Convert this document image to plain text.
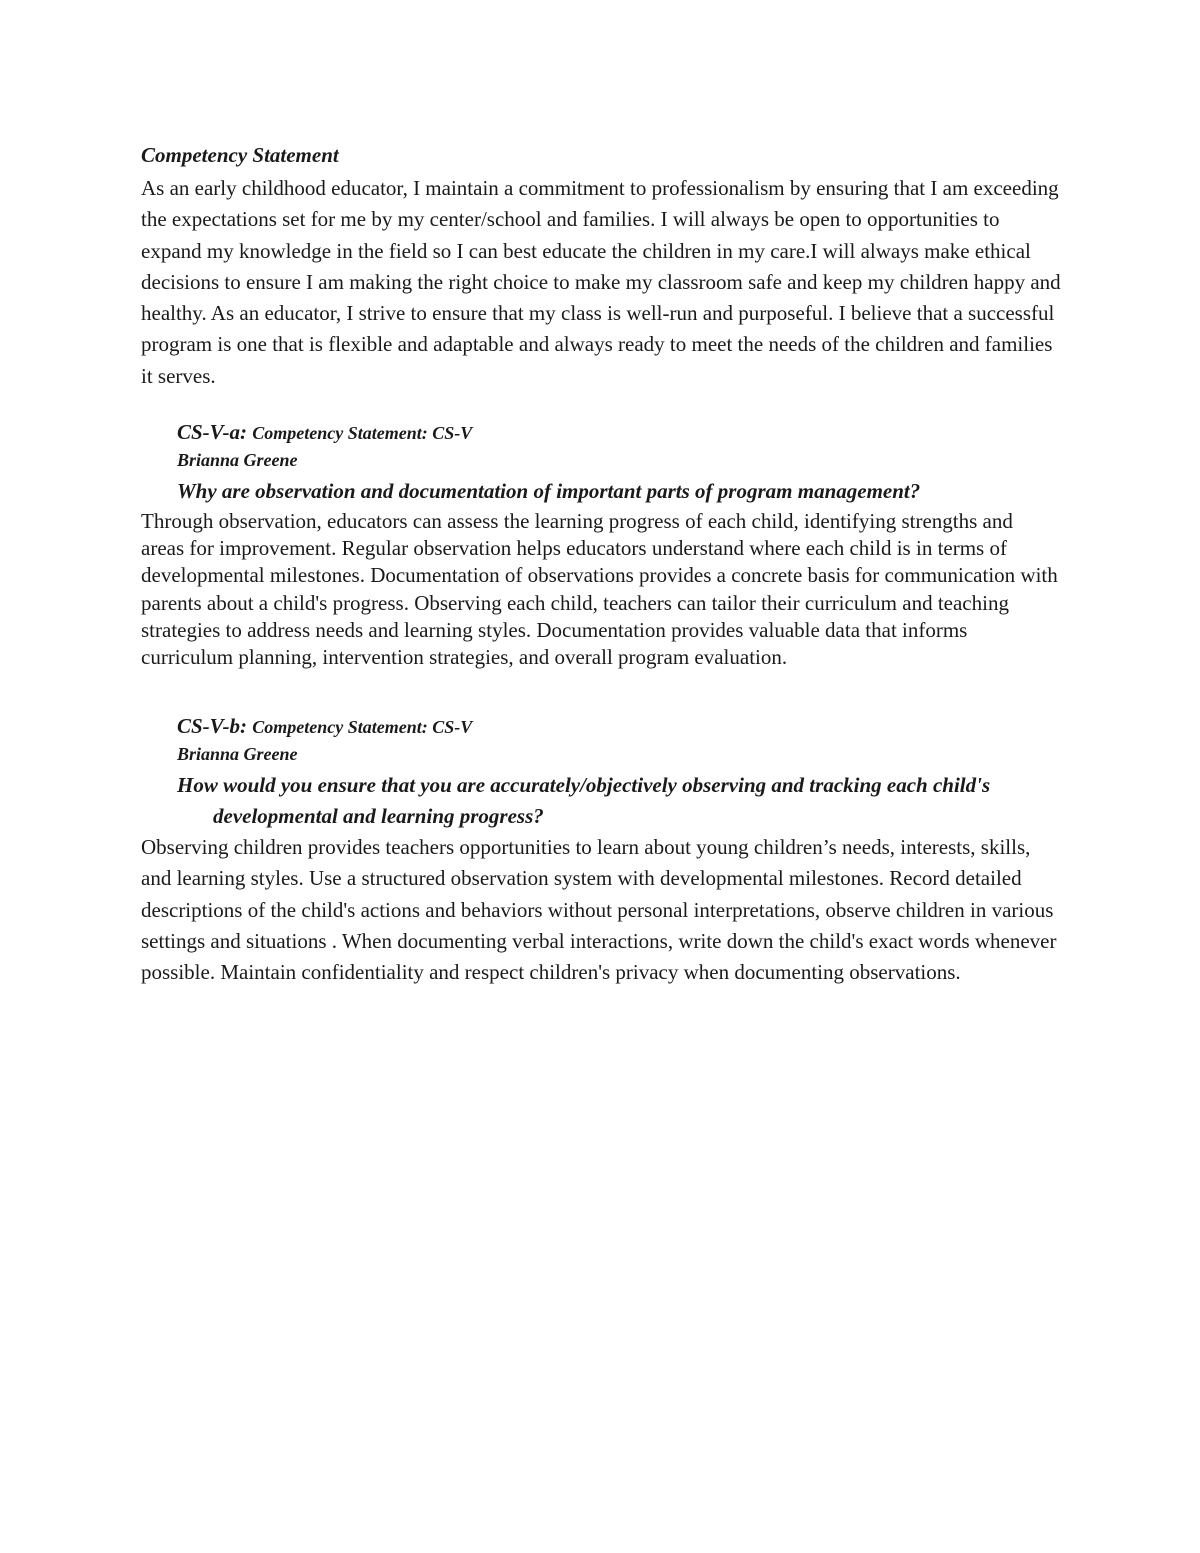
Competency Statement

As an early childhood educator, I maintain a commitment to professionalism by ensuring that I am exceeding the expectations set for me by my center/school and families. I will always be open to opportunities to expand my knowledge in the field so I can best educate the children in my care.I will always make ethical decisions to ensure I am making the right choice to make my classroom safe and keep my children happy and healthy. As an educator, I strive to ensure that my class is well-run and purposeful. I believe that a successful program is one that is flexible and adaptable and always ready to meet the needs of the children and families it serves.

CS-V-a: Competency Statement: CS-V

Brianna Greene

Why are observation and documentation of important parts of program management?

Through observation, educators can assess the learning progress of each child, identifying strengths and areas for improvement. Regular observation helps educators understand where each child is in terms of developmental milestones. Documentation of observations provides a concrete basis for communication with parents about a child's progress. Observing each child, teachers can tailor their curriculum and teaching strategies to address needs and learning styles. Documentation provides valuable data that informs curriculum planning, intervention strategies, and overall program evaluation.

CS-V-b: Competency Statement: CS-V

Brianna Greene

How would you ensure that you are accurately/objectively observing and tracking each child's developmental and learning progress?

Observing children provides teachers opportunities to learn about young children’s needs, interests, skills, and learning styles. Use a structured observation system with developmental milestones. Record detailed descriptions of the child's actions and behaviors without personal interpretations, observe children in various settings and situations . When documenting verbal interactions, write down the child's exact words whenever possible. Maintain confidentiality and respect children's privacy when documenting observations.
